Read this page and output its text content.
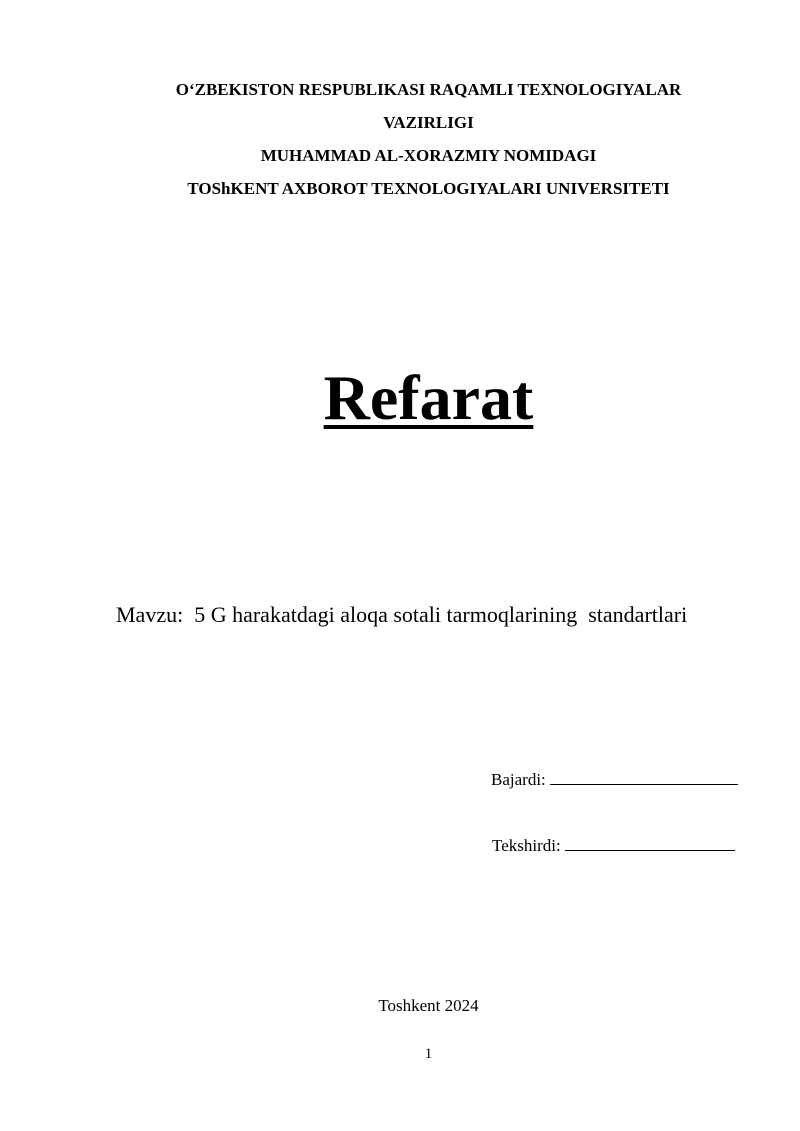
O‘ZBEKISTON RESPUBLIKASI RAQAMLI TEXNOLOGIYALAR
VAZIRLIGI
MUHAMMAD AL-XORAZMIY NOMIDAGI
TOShKENT AXBOROT TEXNOLOGIYALARI UNIVERSITETI
Refarat
Mavzu:  5 G harakatdagi aloqa sotali tarmoqlarining  standartlari
Bajardi:
Tekshirdi:
Toshkent 2024
1
